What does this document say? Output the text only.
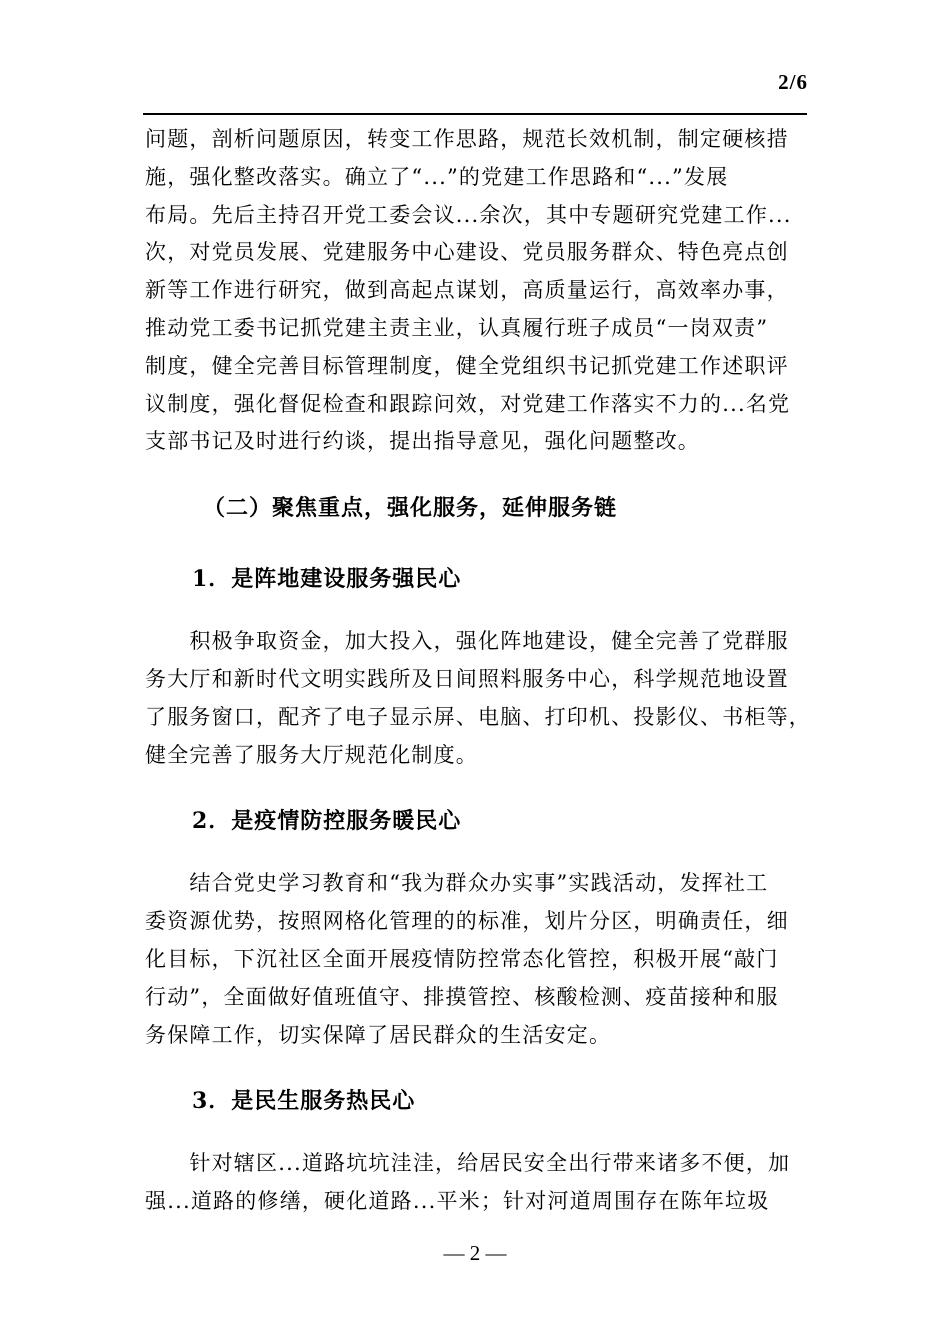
2/6
问题，剖析问题原因，转变工作思路，规范长效机制，制定硬核措
施，强化整改落实。确立了“...”的党建工作思路和“...”发展
布局。先后主持召开党工委会议...余次，其中专题研究党建工作...
次，对党员发展、党建服务中心建设、党员服务群众、特色亮点创
新等工作进行研究，做到高起点谋划，高质量运行，高效率办事，
推动党工委书记抓党建主责主业，认真履行班子成员“一岗双责”
制度，健全完善目标管理制度，健全党组织书记抓党建工作述职评
议制度，强化督促检查和跟踪问效，对党建工作落实不力的...名党
支部书记及时进行约谈，提出指导意见，强化问题整改。
（二）聚焦重点，强化服务，延伸服务链
1．是阵地建设服务强民心
　　积极争取资金，加大投入，强化阵地建设，健全完善了党群服
务大厅和新时代文明实践所及日间照料服务中心，科学规范地设置
了服务窗口，配齐了电子显示屏、电脑、打印机、投影仪、书柜等，
健全完善了服务大厅规范化制度。
2．是疫情防控服务暖民心
　　结合党史学习教育和“我为群众办实事”实践活动，发挥社工
委资源优势，按照网格化管理的的标准，划片分区，明确责任，细
化目标，下沉社区全面开展疫情防控常态化管控，积极开展“敲门
行动”，全面做好值班值守、排摸管控、核酸检测、疫苗接种和服
务保障工作，切实保障了居民群众的生活安定。
3．是民生服务热民心
　　针对辖区...道路坑坑洼洼，给居民安全出行带来诸多不便，加
强...道路的修缮，硬化道路...平米；针对河道周围存在陈年垃圾
— 2 —
